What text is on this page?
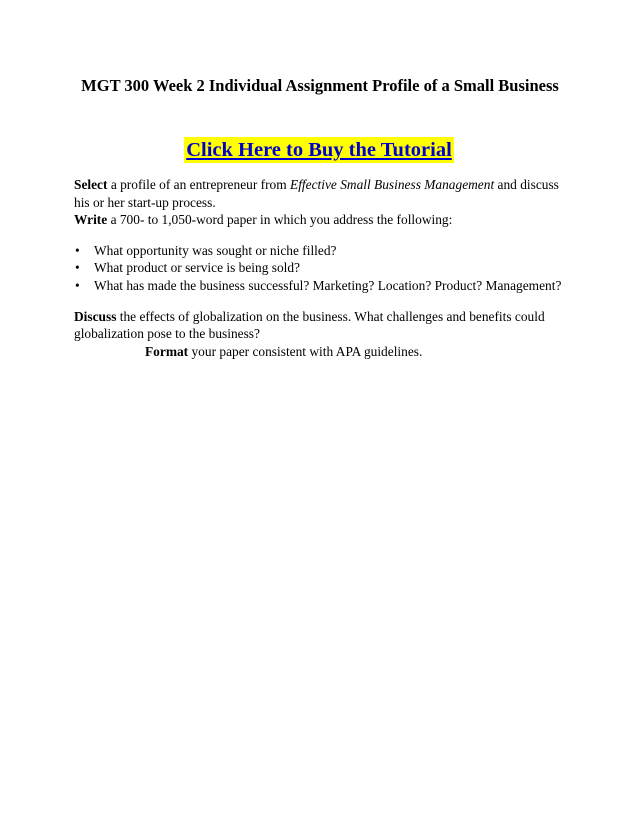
MGT 300 Week 2 Individual Assignment Profile of a Small Business
Click Here to Buy the Tutorial

Select a profile of an entrepreneur from Effective Small Business Management and discuss his or her start-up process.

Write a 700- to 1,050-word paper in which you address the following:

• What opportunity was sought or niche filled?
• What product or service is being sold?
• What has made the business successful? Marketing? Location? Product? Management?

Discuss the effects of globalization on the business. What challenges and benefits could globalization pose to the business?

Format your paper consistent with APA guidelines.
